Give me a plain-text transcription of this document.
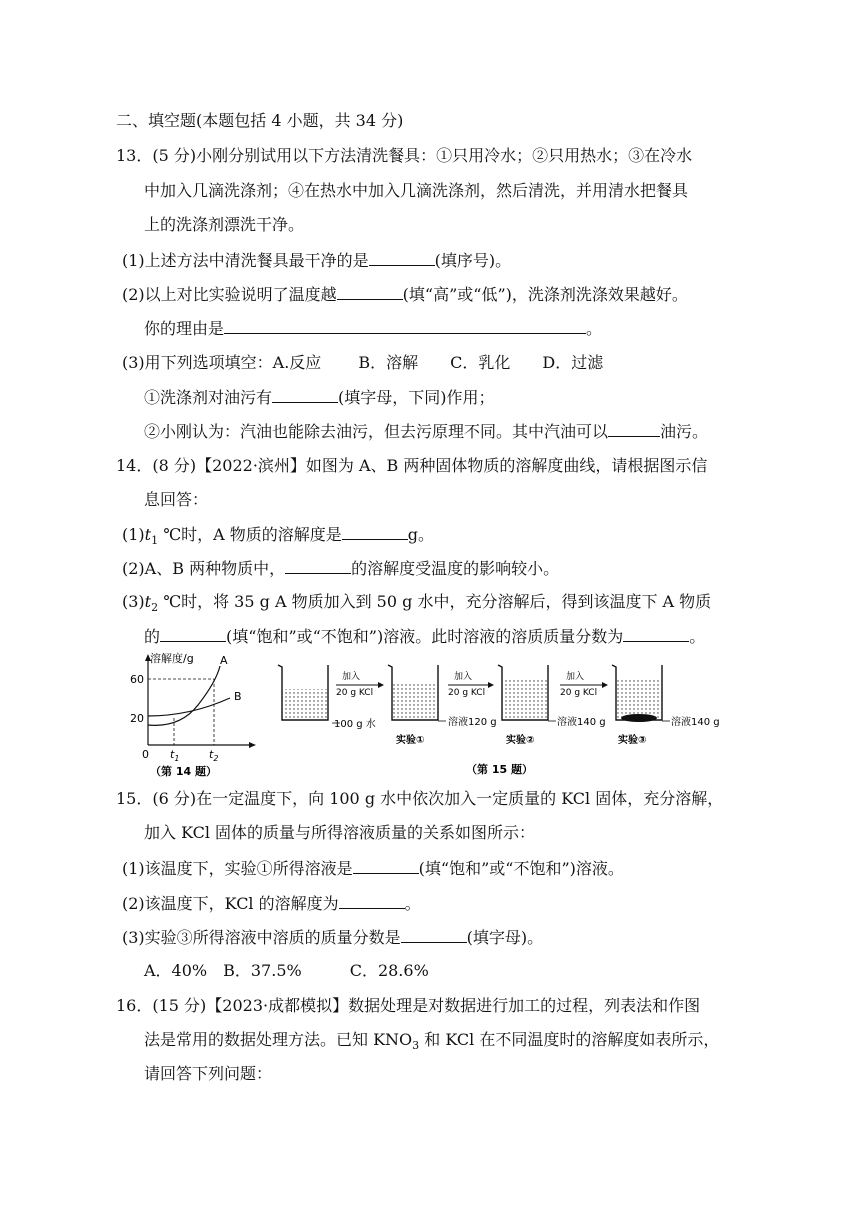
二、填空题(本题包括 4 小题，共 34 分)
13．(5 分)小刚分别试用以下方法清洗餐具：①只用冷水；②只用热水；③在冷水
中加入几滴洗涤剂；④在热水中加入几滴洗涤剂，然后清洗，并用清水把餐具
上的洗涤剂漂洗干净。
(1)上述方法中清洗餐具最干净的是	(填序号)。
(2)以上对比实验说明了温度越	(填“高”或“低”)，洗涤剂洗涤效果越好。
你的理由是	。
(3)用下列选项填空：A.反应　　 B．溶解　　C．乳化　　D．过滤
①洗涤剂对油污有	(填字母，下同)作用；
②小刚认为：汽油也能除去油污，但去污原理不同。其中汽油可以	油污。
14．(8 分)【2022·滨州】如图为 A、B 两种固体物质的溶解度曲线，请根据图示信
息回答：
$(1)t_1$ ℃时，A 物质的溶解度是	g。
(2)A、B 两种物质中，	的溶解度受温度的影响较小。
$(3)t_2$ ℃时，将 35 g A 物质加入到 50 g 水中，充分溶解后，得到该温度下 A 物质
的	(填“饱和”或“不饱和”)溶液。此时溶液的溶质质量分数为	。
溶解度/g
60
20
0
A
B
$t_1$	$t_2$
（第 14 题）
100 g 水
加入
20 g KCl
溶液120 g
实验①
加入
20 g KCl
溶液140 g
实验②
加入
20 g KCl
溶液140 g
实验③
（第 15 题）
15．(6 分)在一定温度下，向 100 g 水中依次加入一定质量的 KCl 固体，充分溶解，
加入 KCl 固体的质量与所得溶液质量的关系如图所示：
(1)该温度下，实验①所得溶液是	(填“饱和”或“不饱和”)溶液。
(2)该温度下，KCl 的溶解度为	。
(3)实验③所得溶液中溶质的质量分数是	(填字母)。
A．40%　B．37.5%　　　C．28.6%
16．(15 分)【2023·成都模拟】数据处理是对数据进行加工的过程，列表法和作图
法是常用的数据处理方法。已知 $KNO_3$ 和 KCl 在不同温度时的溶解度如表所示，
请回答下列问题：
